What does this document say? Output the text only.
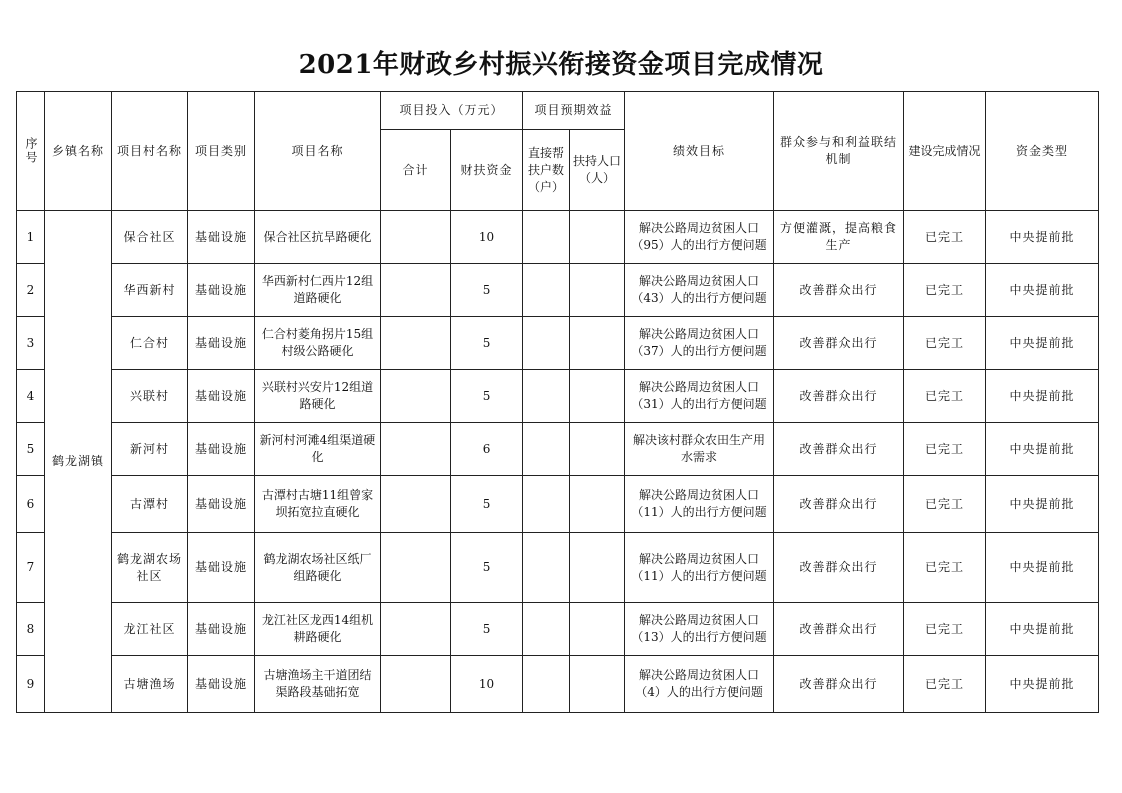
2021年财政乡村振兴衔接资金项目完成情况
序号	乡镇名称	项目村名称	项目类别	项目名称	项目投入（万元）		项目预期效益		绩效目标	群众参与和利益联结机制	建设完成情况	资金类型
					合计	财扶资金	直接帮扶户数（户）	扶持人口（人）				
1	鹤龙湖镇	保合社区	基础设施	保合社区抗旱路硬化		10			解决公路周边贫困人口（95）人的出行方便问题	方便灌溉，提高粮食生产	已完工	中央提前批
2		华西新村	基础设施	华西新村仁西片12组道路硬化		5			解决公路周边贫困人口（43）人的出行方便问题	改善群众出行	已完工	中央提前批
3		仁合村	基础设施	仁合村菱角拐片15组村级公路硬化		5			解决公路周边贫困人口（37）人的出行方便问题	改善群众出行	已完工	中央提前批
4		兴联村	基础设施	兴联村兴安片12组道路硬化		5			解决公路周边贫困人口（31）人的出行方便问题	改善群众出行	已完工	中央提前批
5		新河村	基础设施	新河村河滩4组渠道硬化		6			解决该村群众农田生产用水需求	改善群众出行	已完工	中央提前批
6		古潭村	基础设施	古潭村古塘11组曾家坝拓宽拉直硬化		5			解决公路周边贫困人口（11）人的出行方便问题	改善群众出行	已完工	中央提前批
7		鹤龙湖农场社区	基础设施	鹤龙湖农场社区纸厂组路硬化		5			解决公路周边贫困人口（11）人的出行方便问题	改善群众出行	已完工	中央提前批
8		龙江社区	基础设施	龙江社区龙西14组机耕路硬化		5			解决公路周边贫困人口（13）人的出行方便问题	改善群众出行	已完工	中央提前批
9		古塘渔场	基础设施	古塘渔场主干道团结渠路段基础拓宽		10			解决公路周边贫困人口（4）人的出行方便问题	改善群众出行	已完工	中央提前批
